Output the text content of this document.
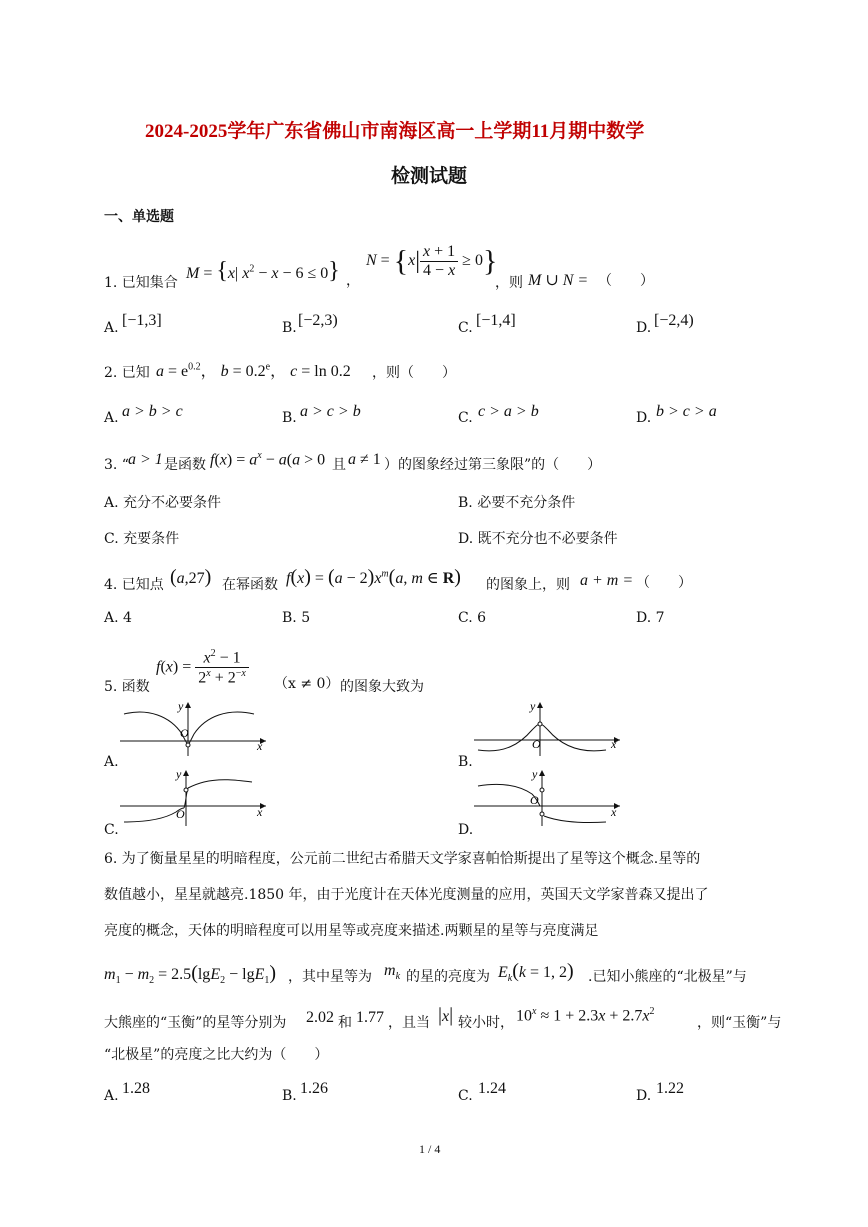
2024-2025学年广东省佛山市南海区高一上学期11月期中数学
检测试题
一、单选题
1. 已知集合
M = {x| $x^2 - x - 6 \le 0$} ，
$N = \{x| \frac{x + 1}{4 - x} \ge 0\}$
，则 M ∪ N = （　　）
A. [−1,3]	B. [−2,3)	C. [−1,4]	D. [−2,4)
2. 已知 $a = e^{0.2}$， b = 0.2$^e$， c = ln 0.2 ，则（　　）
A. a > b > c	B. a > c > b	C. c > a > b	D. b > c > a
3. “ a > 1 是函数 $f(x) = a^x - a(a > 0$ 且 a ≠ 1 ）的图象经过第三象限”的（　　）
A. 充分不必要条件	B. 必要不充分条件
C. 充要条件	D. 既不充分也不必要条件
4. 已知点 (a,27) 在幂函数 $f(x) = (a - 2)x^m(a$, m ∈ R) 的图象上，则 a + m = （　　）
A. 4	B. 5	C. 6	D. 7
5. 函数
$f(x) = \frac{x^2 - 1}{2^x + 2^{-x}} (x \ne 0)$ 的图象大致为
A.	B.
C.	D.
O
x
y
O	x
y
O	x
y
O
x
y
6. 为了衡量星星的明暗程度，公元前二世纪古希腊天文学家喜帕恰斯提出了星等这个概念.星等的
数值越小，星星就越亮.1850 年，由于光度计在天体光度测量的应用，英国天文学家普森又提出了
亮度的概念，天体的明暗程度可以用星等或亮度来描述.两颗星的星等与亮度满足
$m_1 - m_2 = 2.5(\lg E_2 - \lg E_1)$ ，其中星等为 $m_k$ 的星的亮度为 $E_k(k = 1$, 2) .已知小熊座的“北极星”与
大熊座的“玉衡”的星等分别为 2.02 和 1.77 ，且当 |x| 较小时， $10^x \approx 1 + 2.3x + 2.7x^2$
，则“玉衡”与
“北极星”的亮度之比大约为（　　）
A. 1.28	B. 1.26	C. 1.24	D. 1.22
1 / 4
